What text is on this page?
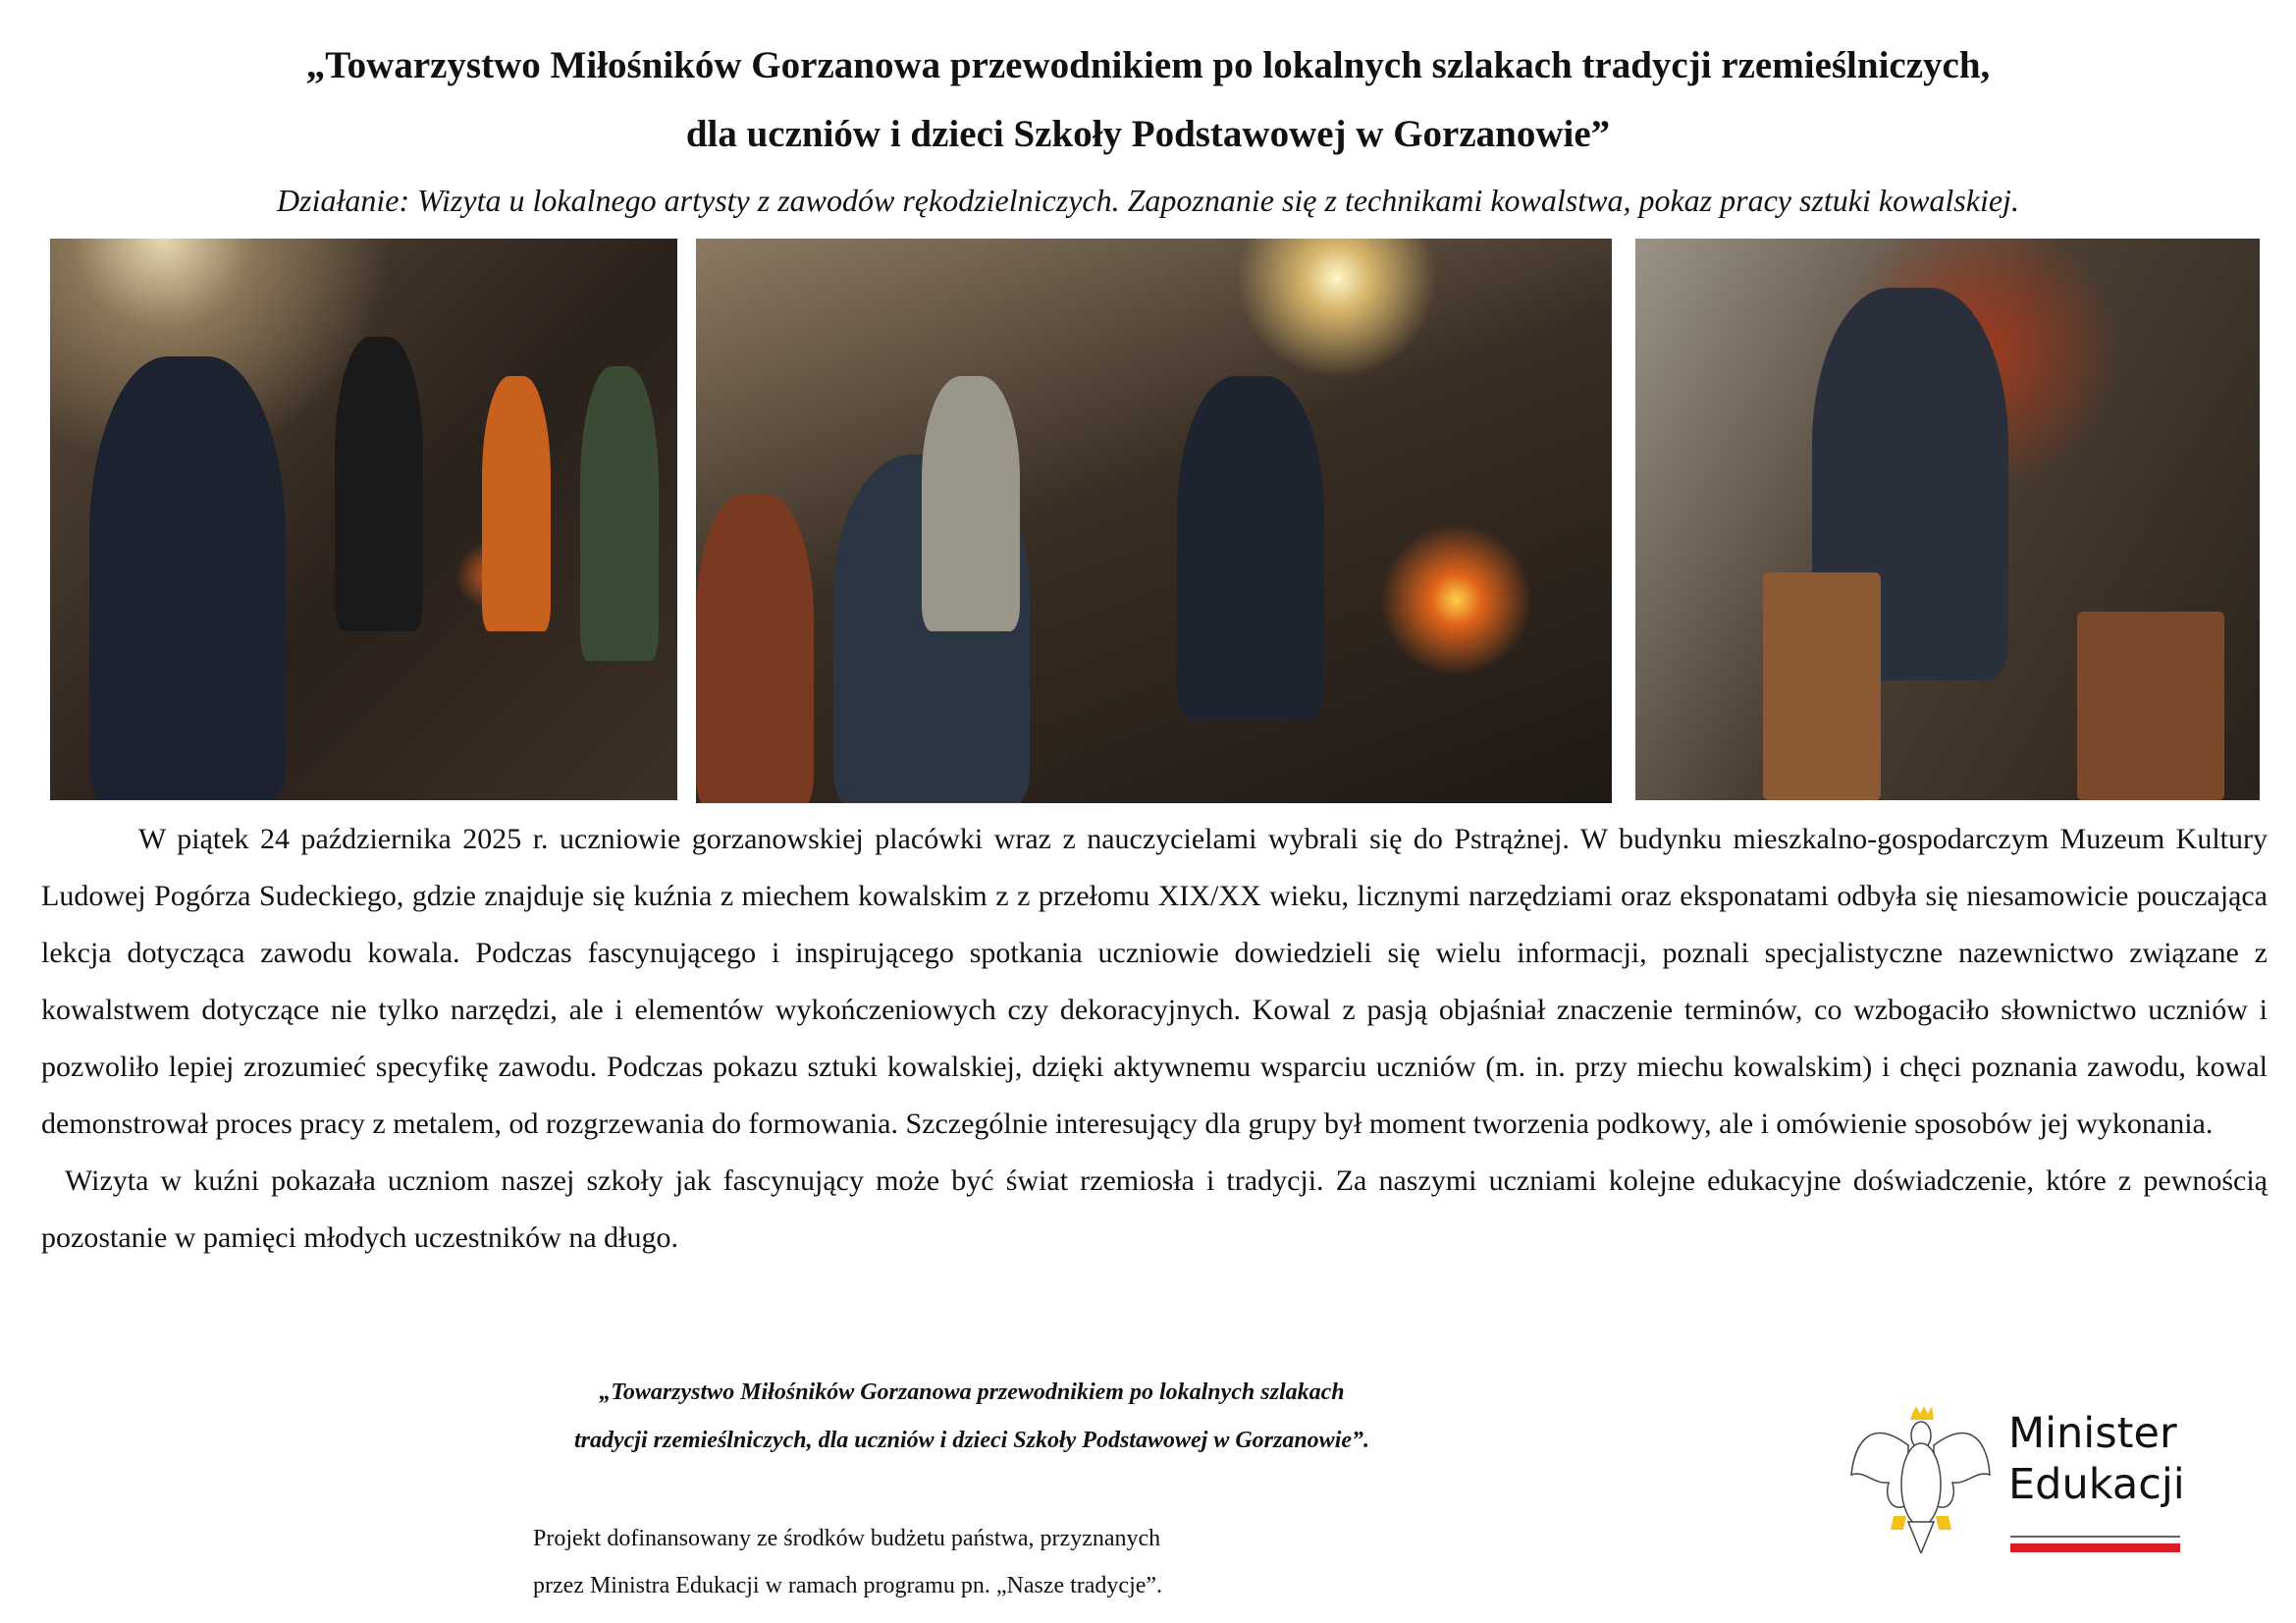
„Towarzystwo Miłośników Gorzanowa przewodnikiem po lokalnych szlakach tradycji rzemieślniczych,
dla uczniów i dzieci Szkoły Podstawowej w Gorzanowie”
Działanie: Wizyta u lokalnego artysty z zawodów rękodzielniczych. Zapoznanie się z technikami kowalstwa, pokaz pracy sztuki kowalskiej.

W piątek 24 października 2025 r. uczniowie gorzanowskiej placówki wraz z nauczycielami wybrali się do Pstrążnej. W budynku mieszkalno-gospodarczym Muzeum Kultury Ludowej Pogórza Sudeckiego, gdzie znajduje się kuźnia z miechem kowalskim z z przełomu XIX/XX wieku, licznymi narzędziami oraz eksponatami odbyła się niesamowicie pouczająca lekcja dotycząca zawodu kowala. Podczas fascynującego i inspirującego spotkania uczniowie dowiedzieli się wielu informacji, poznali specjalistyczne nazewnictwo związane z kowalstwem dotyczące nie tylko narzędzi, ale i elementów wykończeniowych czy dekoracyjnych. Kowal z pasją objaśniał znaczenie terminów, co wzbogaciło słownictwo uczniów i pozwoliło lepiej zrozumieć specyfikę zawodu. Podczas pokazu sztuki kowalskiej, dzięki aktywnemu wsparciu uczniów (m. in. przy miechu kowalskim) i chęci poznania zawodu, kowal demonstrował proces pracy z metalem, od rozgrzewania do formowania. Szczególnie interesujący dla grupy był moment tworzenia podkowy, ale i omówienie sposobów jej wykonania.

Wizyta w kuźni pokazała uczniom naszej szkoły jak fascynujący może być świat rzemiosła i tradycji. Za naszymi uczniami kolejne edukacyjne doświadczenie, które z pewnością pozostanie w pamięci młodych uczestników na długo.

„Towarzystwo Miłośników Gorzanowa przewodnikiem po lokalnych szlakach
tradycji rzemieślniczych, dla uczniów i dzieci Szkoły Podstawowej w Gorzanowie”.
Projekt dofinansowany ze środków budżetu państwa, przyznanych
przez Ministra Edukacji w ramach programu pn. „Nasze tradycje”.
Minister
Edukacji
